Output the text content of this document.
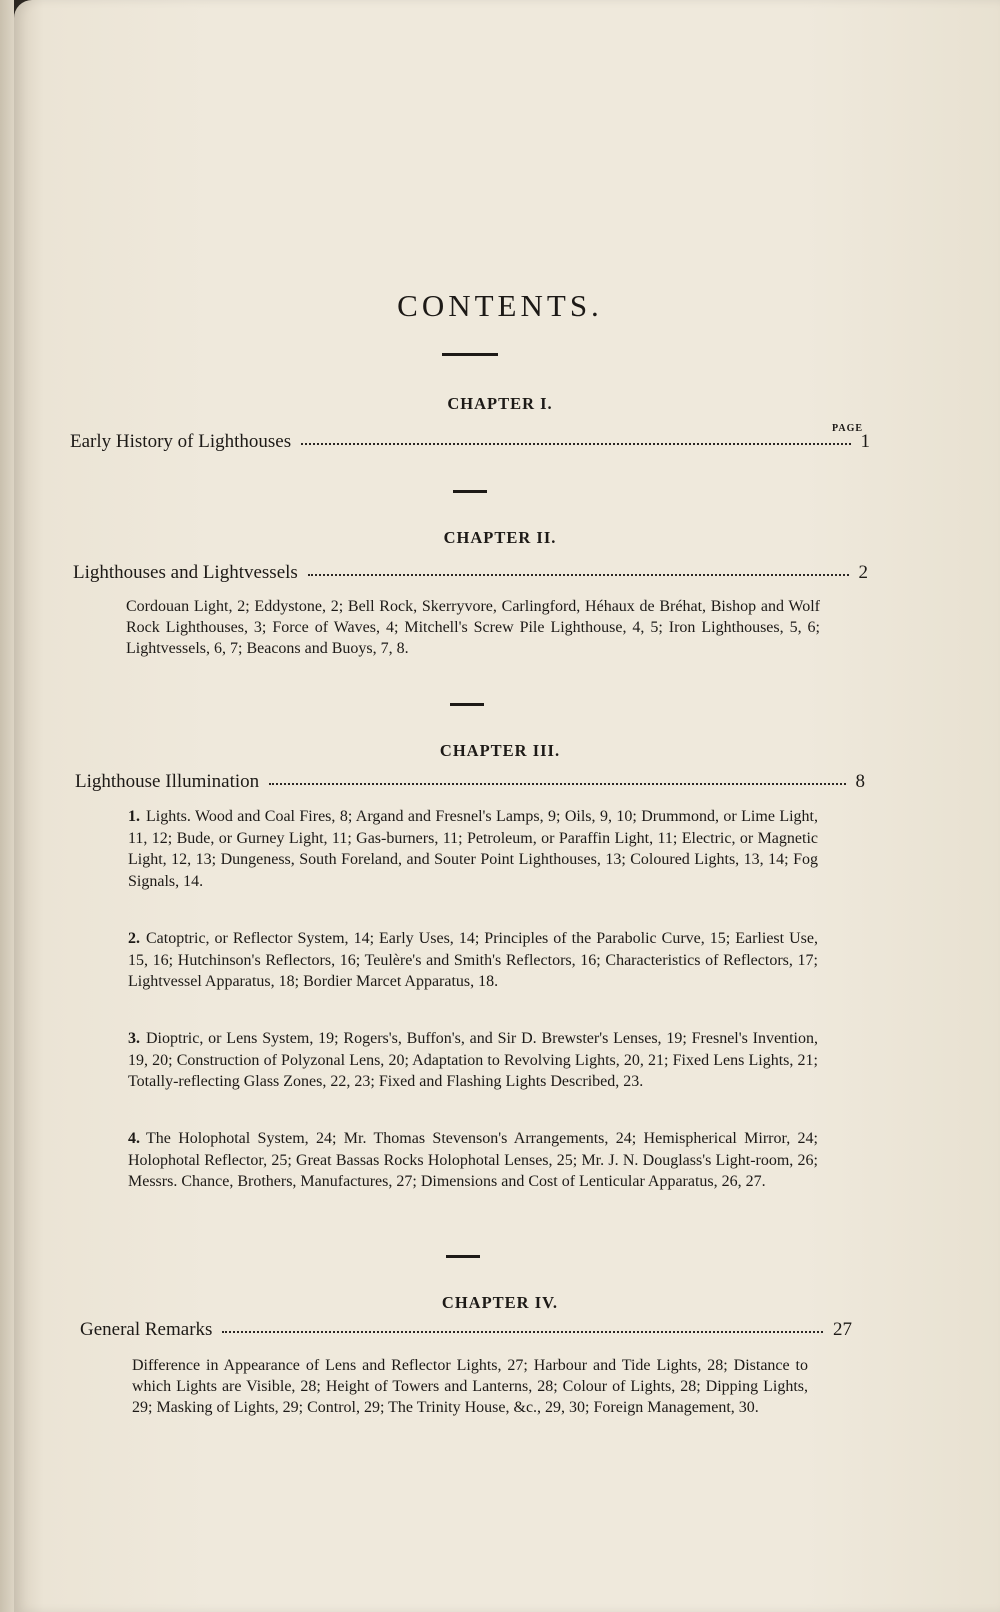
CONTENTS.
CHAPTER I.
PAGE
Early History of Lighthouses	1
CHAPTER II.
Lighthouses and Lightvessels	2
Cordouan Light, 2; Eddystone, 2; Bell Rock, Skerryvore, Carlingford, Héhaux de Bréhat, Bishop and Wolf Rock Lighthouses, 3; Force of Waves, 4; Mitchell's Screw Pile Lighthouse, 4, 5; Iron Lighthouses, 5, 6; Lightvessels, 6, 7; Beacons and Buoys, 7, 8.
CHAPTER III.
Lighthouse Illumination	8
1. Lights. Wood and Coal Fires, 8; Argand and Fresnel's Lamps, 9; Oils, 9, 10; Drummond, or Lime Light, 11, 12; Bude, or Gurney Light, 11; Gas-burners, 11; Petroleum, or Paraffin Light, 11; Electric, or Magnetic Light, 12, 13; Dungeness, South Foreland, and Souter Point Lighthouses, 13; Coloured Lights, 13, 14; Fog Signals, 14.
2. Catoptric, or Reflector System, 14; Early Uses, 14; Principles of the Parabolic Curve, 15; Earliest Use, 15, 16; Hutchinson's Reflectors, 16; Teulère's and Smith's Reflectors, 16; Characteristics of Reflectors, 17; Lightvessel Apparatus, 18; Bordier Marcet Apparatus, 18.
3. Dioptric, or Lens System, 19; Rogers's, Buffon's, and Sir D. Brewster's Lenses, 19; Fresnel's Invention, 19, 20; Construction of Polyzonal Lens, 20; Adaptation to Revolving Lights, 20, 21; Fixed Lens Lights, 21; Totally-reflecting Glass Zones, 22, 23; Fixed and Flashing Lights Described, 23.
4. The Holophotal System, 24; Mr. Thomas Stevenson's Arrangements, 24; Hemispherical Mirror, 24; Holophotal Reflector, 25; Great Bassas Rocks Holophotal Lenses, 25; Mr. J. N. Douglass's Light-room, 26; Messrs. Chance, Brothers, Manufactures, 27; Dimensions and Cost of Lenticular Apparatus, 26, 27.
CHAPTER IV.
General Remarks	27
Difference in Appearance of Lens and Reflector Lights, 27; Harbour and Tide Lights, 28; Distance to which Lights are Visible, 28; Height of Towers and Lanterns, 28; Colour of Lights, 28; Dipping Lights, 29; Masking of Lights, 29; Control, 29; The Trinity House, &c., 29, 30; Foreign Management, 30.
